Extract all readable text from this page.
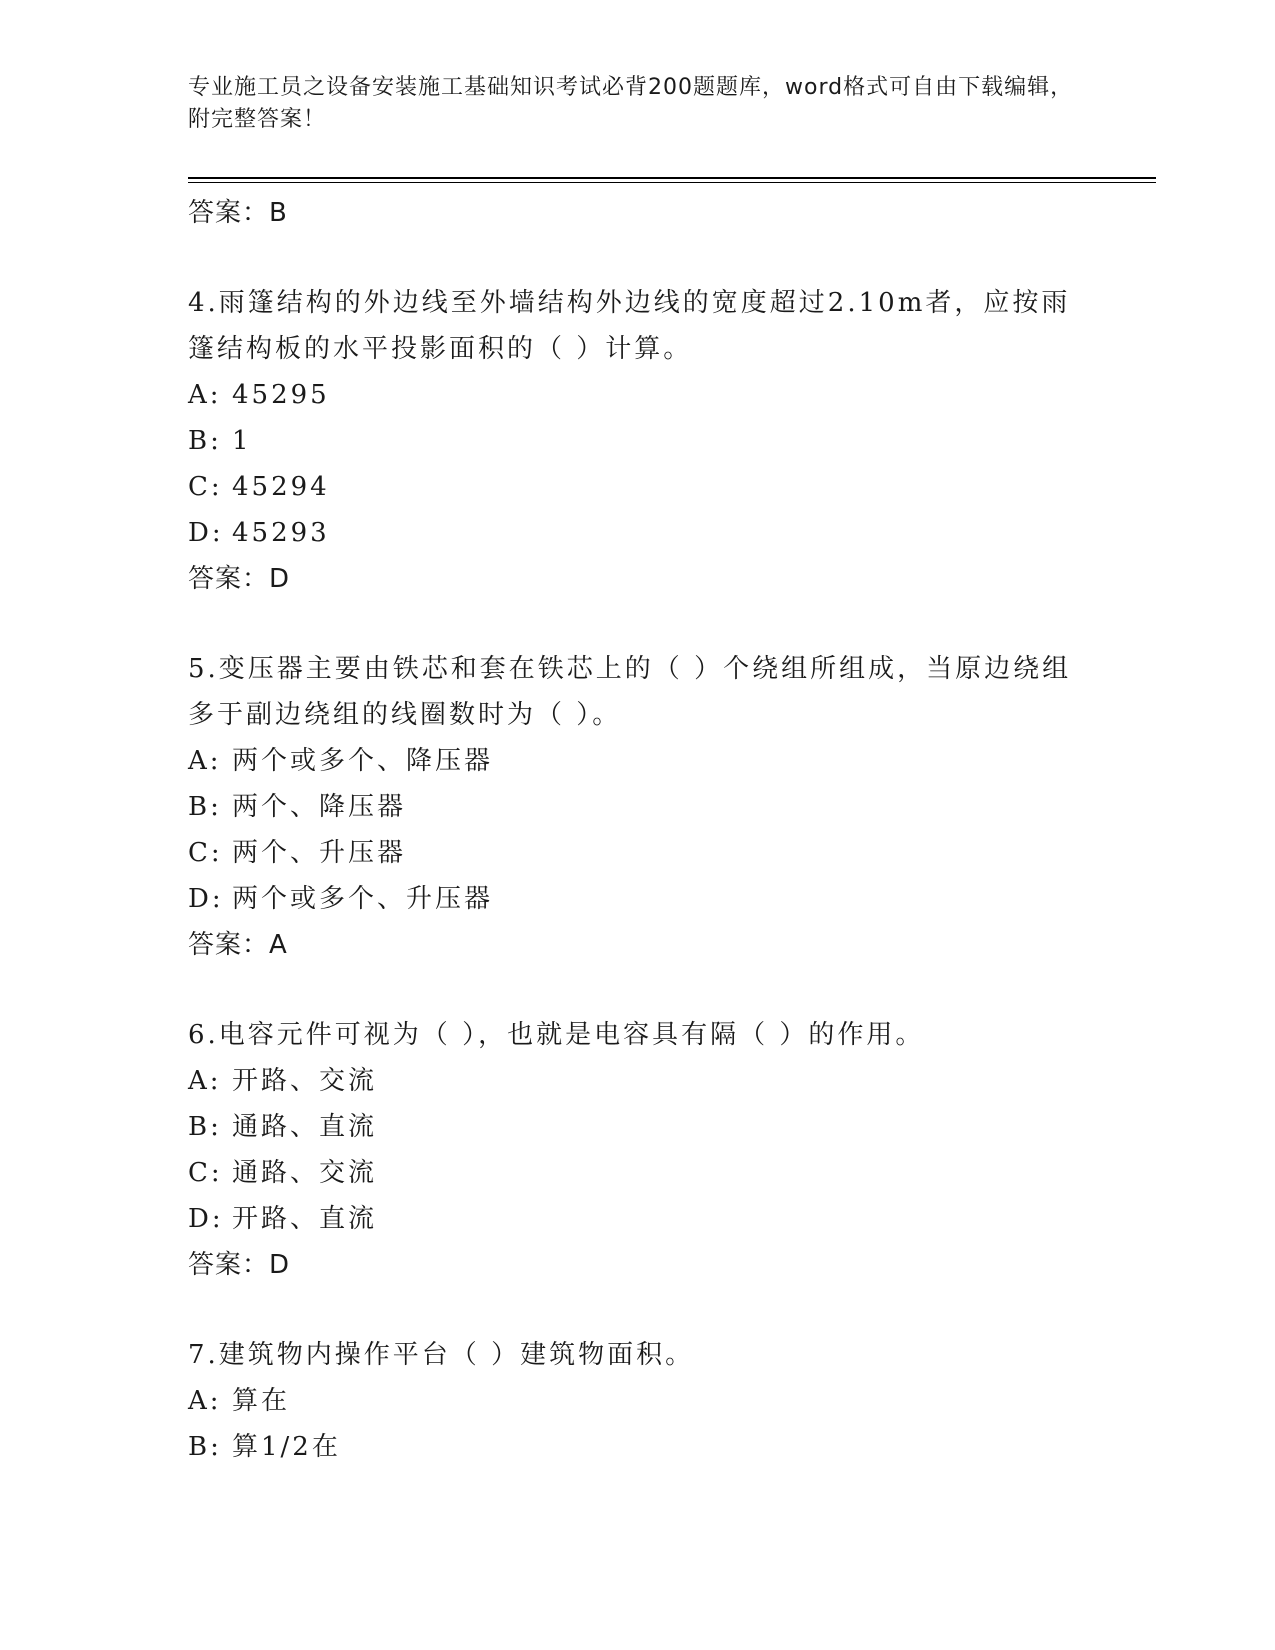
专业施工员之设备安装施工基础知识考试必背200题题库，word格式可自由下载编辑，附完整答案！
答案：B

4.雨篷结构的外边线至外墙结构外边线的宽度超过2.10m者，应按雨篷结构板的水平投影面积的（ ）计算。

A: 45295
B: 1
C: 45294
D: 45293
答案：D

5.变压器主要由铁芯和套在铁芯上的（ ）个绕组所组成，当原边绕组多于副边绕组的线圈数时为（ ）。

A: 两个或多个、降压器
B: 两个、降压器
C: 两个、升压器
D: 两个或多个、升压器
答案：A

6.电容元件可视为（ ），也就是电容具有隔（ ）的作用。

A: 开路、交流
B: 通路、直流
C: 通路、交流
D: 开路、直流
答案：D

7.建筑物内操作平台（ ）建筑物面积。

A: 算在
B: 算1/2在
